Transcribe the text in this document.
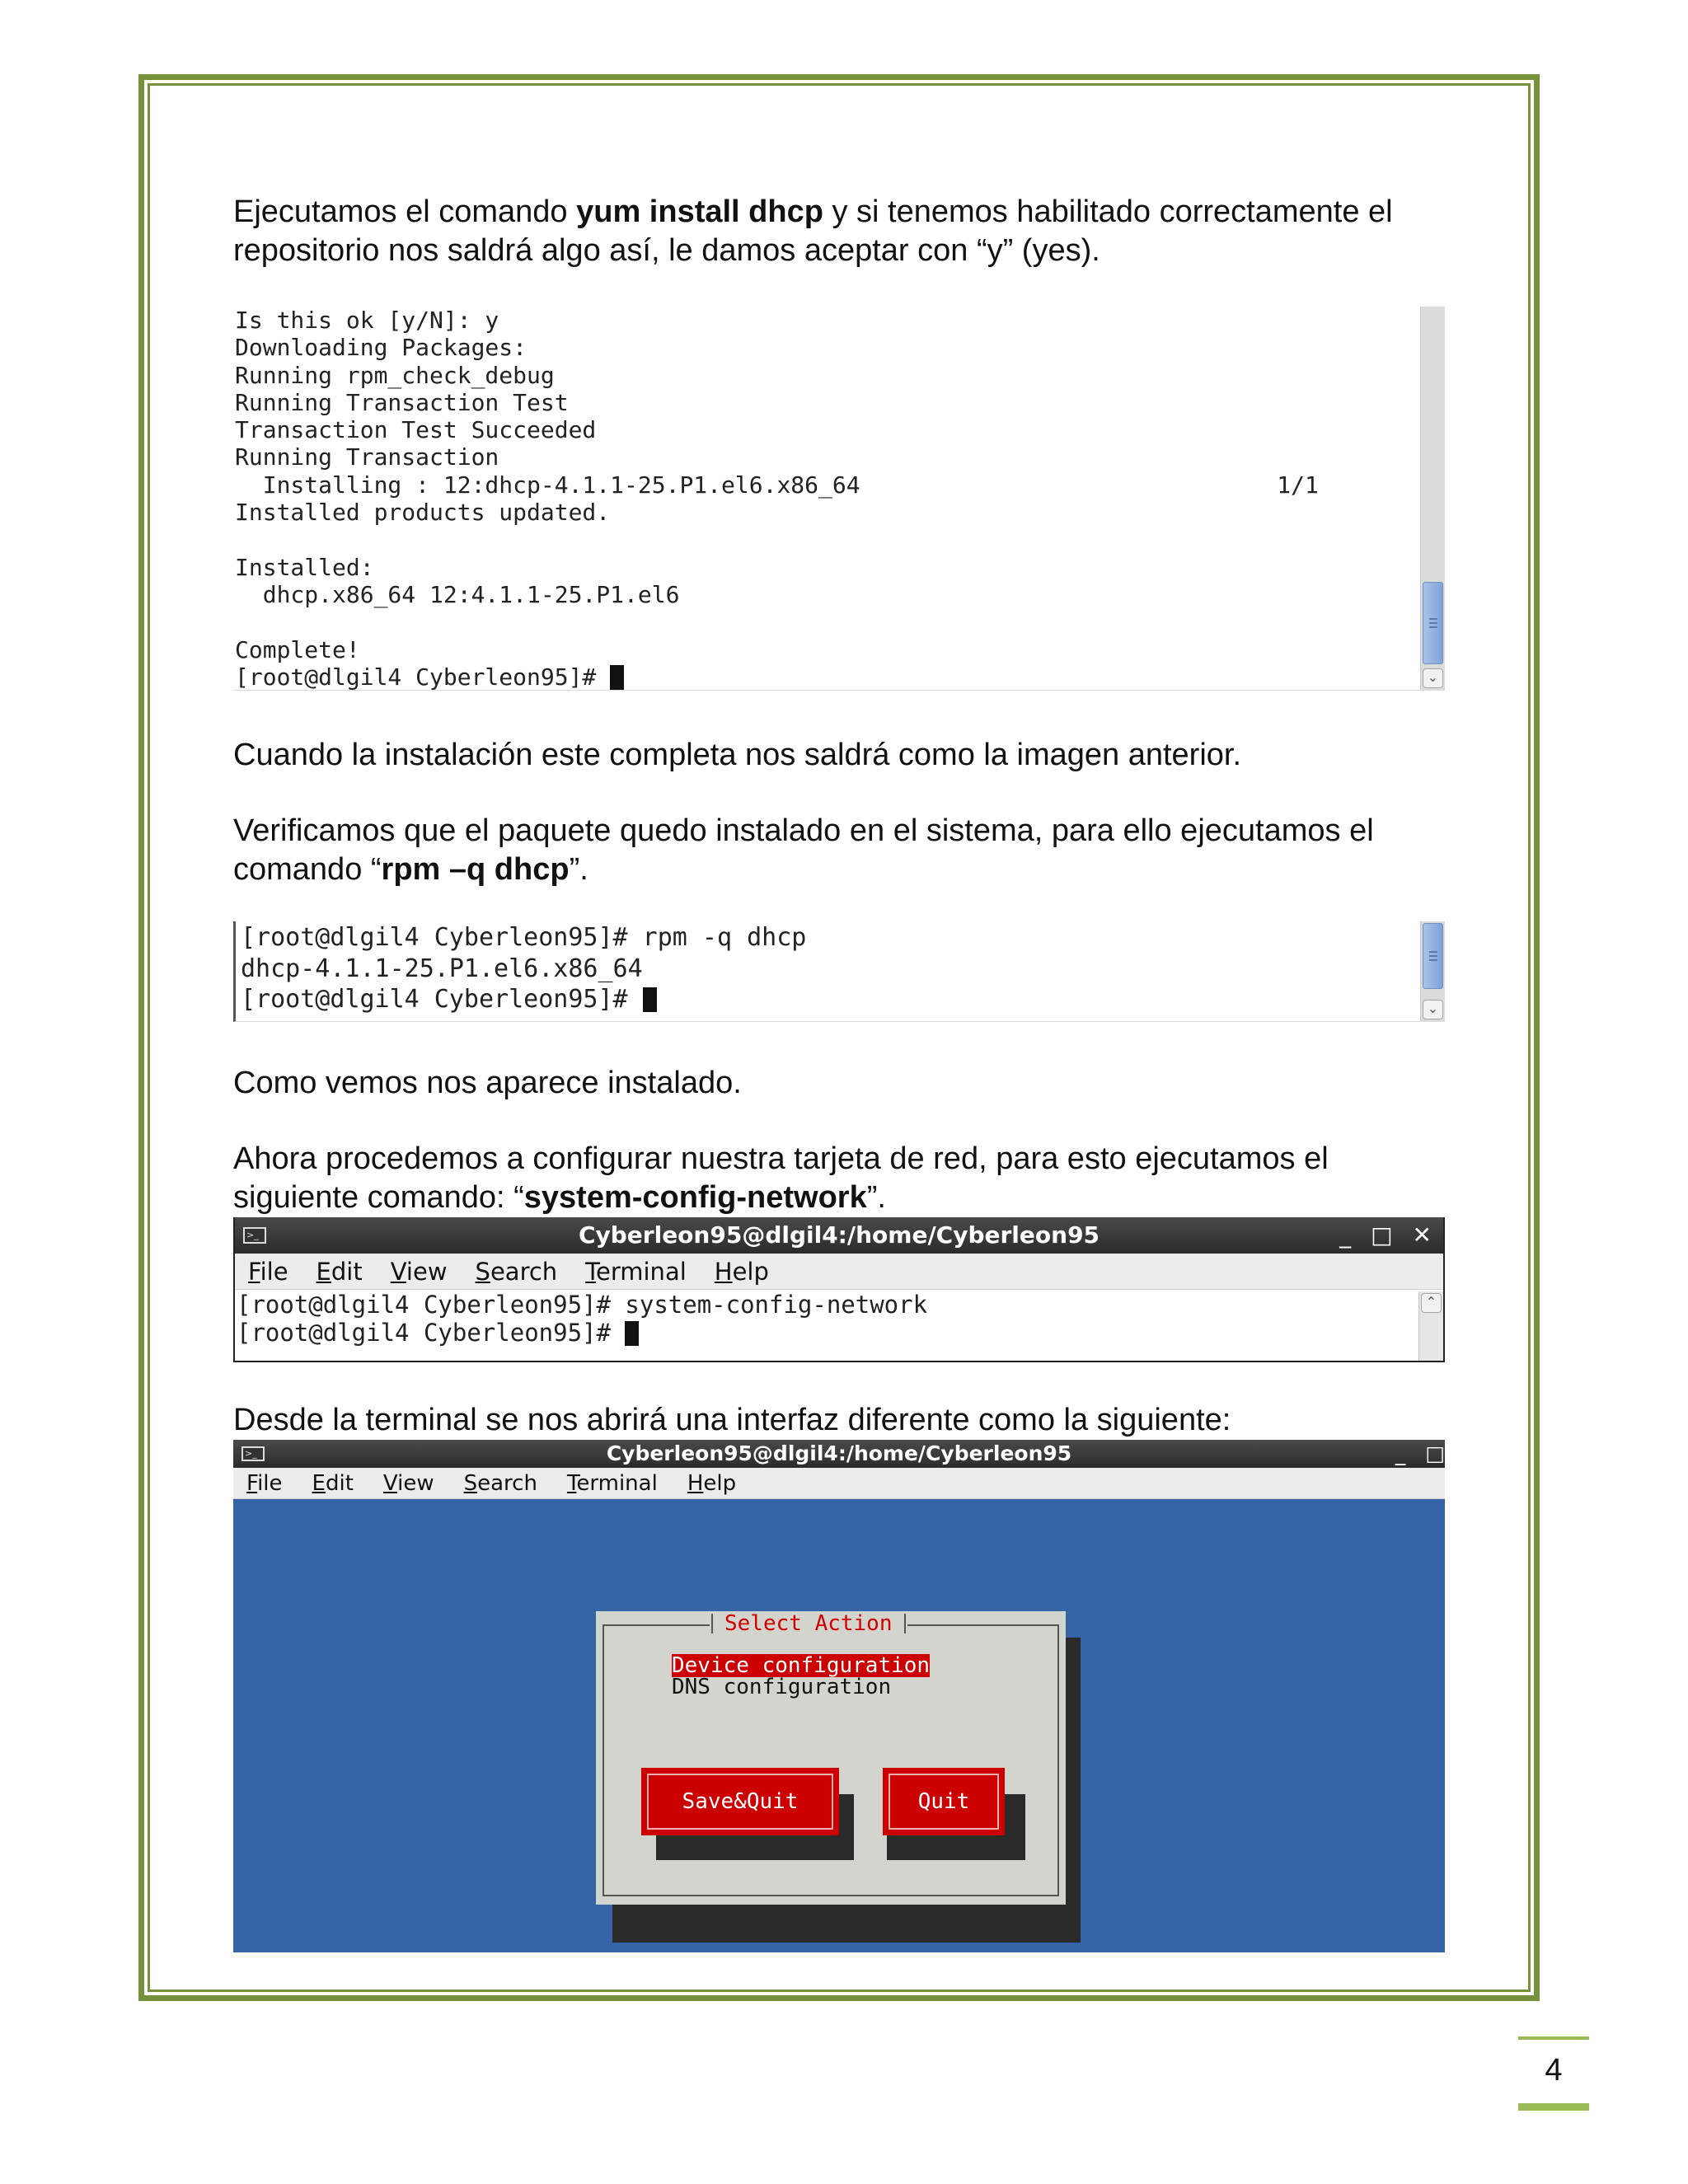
Ejecutamos el comando yum install dhcp y si tenemos habilitado correctamente el repositorio nos saldrá algo así, le damos aceptar con “y” (yes).

Is this ok [y/N]: y
Downloading Packages:
Running rpm_check_debug
Running Transaction Test
Transaction Test Succeeded
Running Transaction
Installing : 12:dhcp-4.1.1-25.P1.el6.x86_64                              1/1
Installed products updated.
Installed:
dhcp.x86_64 12:4.1.1-25.P1.el6
Complete!
[root@dlgil4 Cyberleon95]#

	⌄

Cuando la instalación este completa nos saldrá como la imagen anterior.

Verificamos que el paquete quedo instalado en el sistema, para ello ejecutamos el comando “rpm –q dhcp”.

[root@dlgil4 Cyberleon95]# rpm -q dhcp
dhcp-4.1.1-25.P1.el6.x86_64
[root@dlgil4 Cyberleon95]#

	⌄

Como vemos nos aparece instalado.

Ahora procedemos a configurar nuestra tarjeta de red, para esto ejecutamos el siguiente comando: “system-config-network”.

>_	Cyberleon95@dlgil4:/home/Cyberleon95	_ □ ✕
File Edit View Search Terminal Help

[root@dlgil4 Cyberleon95]# system-config-network
[root@dlgil4 Cyberleon95]#

⌃

Desde la terminal se nos abrirá una interfaz diferente como la siguiente:

>_	Cyberleon95@dlgil4:/home/Cyberleon95	_ □
File Edit View Search Terminal Help
Select Action
Device configuration
DNS configuration
Save&Quit	Quit
4
